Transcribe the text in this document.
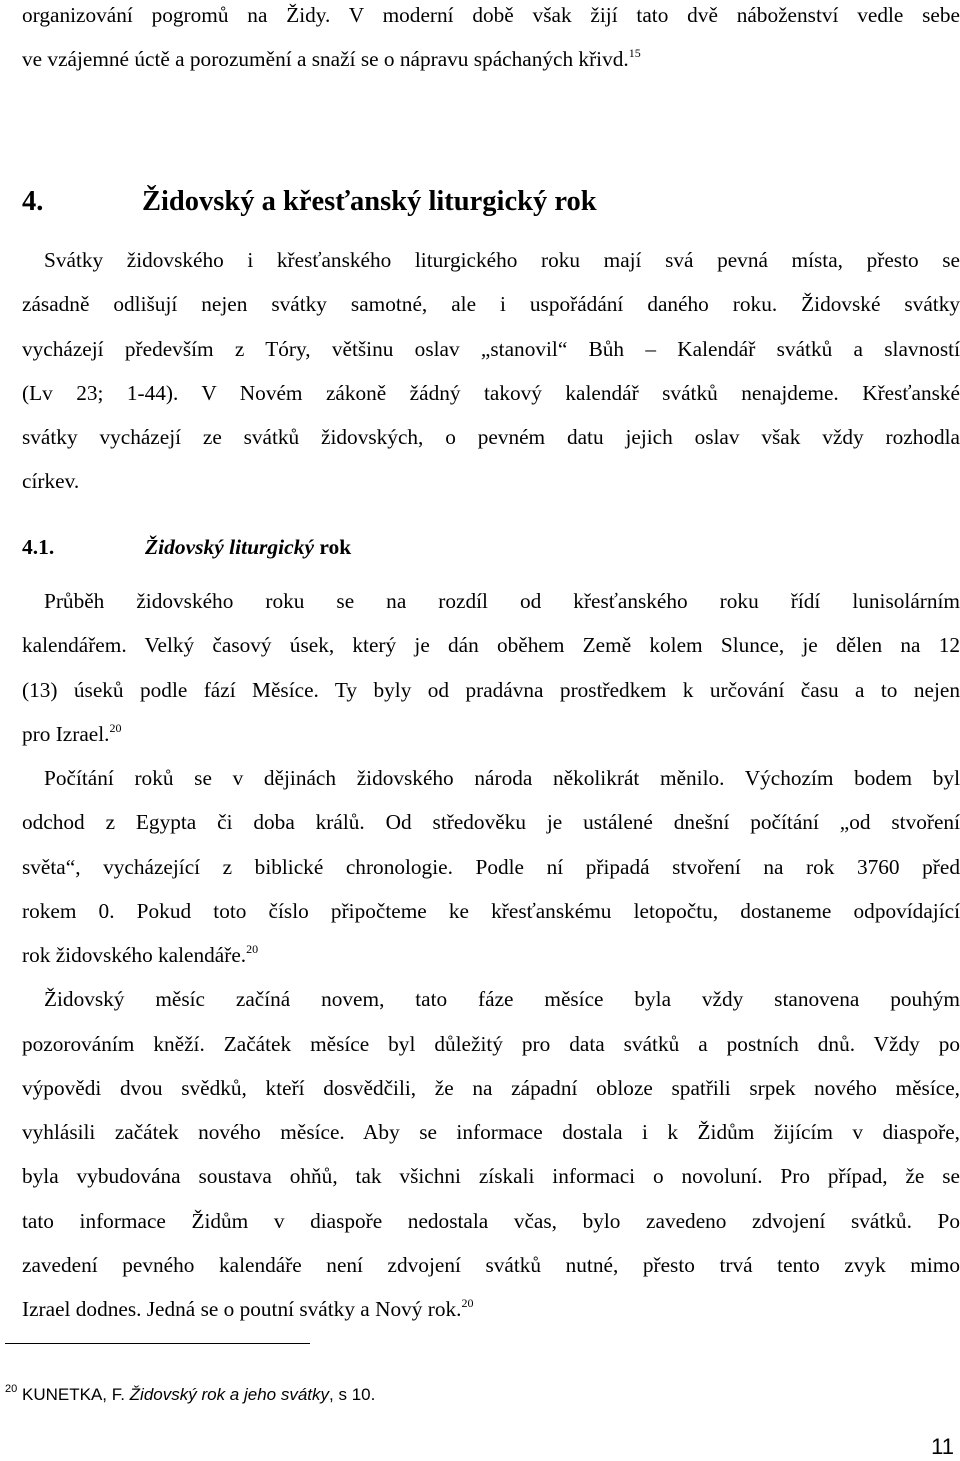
organizování pogromů na Židy. V moderní době však žijí tato dvě náboženství vedle sebe
ve vzájemné úctě a porozumění a snaží se o nápravu spáchaných křivd.$^{15}$
4.	Židovský a křesťanský liturgický rok
Svátky židovského i křesťanského liturgického roku mají svá pevná místa, přesto se
zásadně odlišují nejen svátky samotné, ale i uspořádání daného roku. Židovské svátky
vycházejí především z Tóry, většinu oslav „stanovil“ Bůh – Kalendář svátků a slavností
(Lv 23; 1-44). V Novém zákoně žádný takový kalendář svátků nenajdeme. Křesťanské
svátky vycházejí ze svátků židovských, o pevném datu jejich oslav však vždy rozhodla
církev.
4.1.	Židovský liturgický rok
Průběh židovského roku se na rozdíl od křesťanského roku řídí lunisolárním
kalendářem. Velký časový úsek, který je dán oběhem Země kolem Slunce, je dělen na 12
(13) úseků podle fází Měsíce. Ty byly od pradávna prostředkem k určování času a to nejen
pro Izrael.$^{20}$
Počítání roků se v dějinách židovského národa několikrát měnilo. Výchozím bodem byl
odchod z Egypta či doba králů. Od středověku je ustálené dnešní počítání „od stvoření
světa“, vycházející z biblické chronologie. Podle ní připadá stvoření na rok 3760 před
rokem 0. Pokud toto číslo připočteme ke křesťanskému letopočtu, dostaneme odpovídající
rok židovského kalendáře.$^{20}$
Židovský měsíc začíná novem, tato fáze měsíce byla vždy stanovena pouhým
pozorováním kněží. Začátek měsíce byl důležitý pro data svátků a postních dnů. Vždy po
výpovědi dvou svědků, kteří dosvědčili, že na západní obloze spatřili srpek nového měsíce,
vyhlásili začátek nového měsíce. Aby se informace dostala i k Židům žijícím v diaspoře,
byla vybudována soustava ohňů, tak všichni získali informaci o novoluní. Pro případ, že se
tato informace Židům v diaspoře nedostala včas, bylo zavedeno zdvojení svátků. Po
zavedení pevného kalendáře není zdvojení svátků nutné, přesto trvá tento zvyk mimo
Izrael dodnes. Jedná se o poutní svátky a Nový rok.$^{20}$
$^{20}$ KUNETKA, F. Židovský rok a jeho svátky, s 10.
11
